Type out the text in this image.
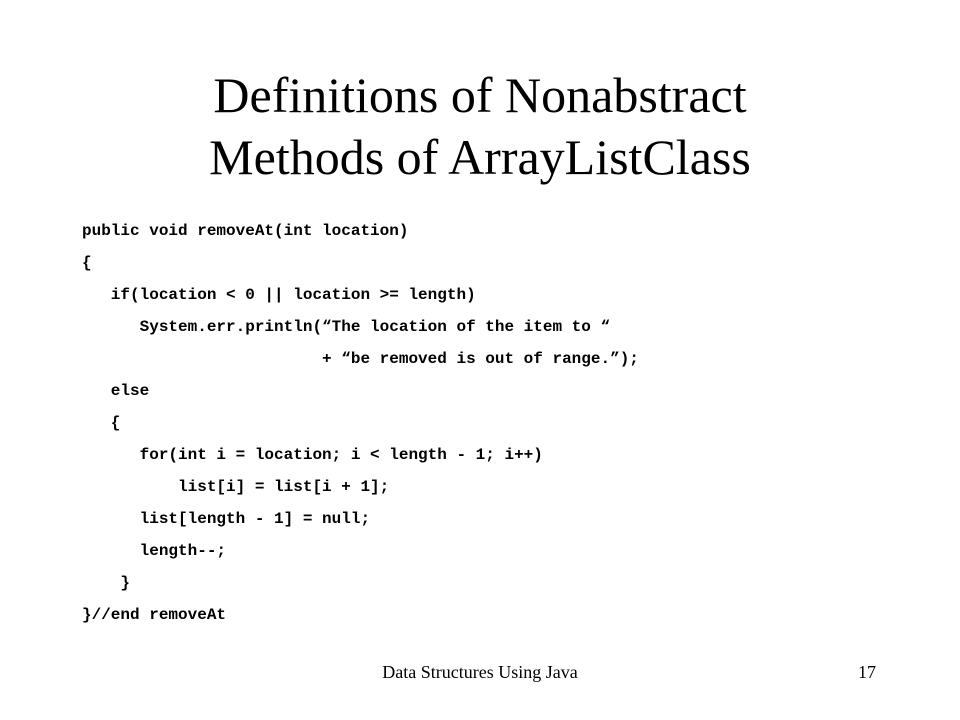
Definitions of Nonabstract
Methods of ArrayListClass
public void removeAt(int location)
{
if(location < 0 || location >= length)
System.err.println(“The location of the item to “
+ “be removed is out of range.”);
else
{
for(int i = location; i < length - 1; i++)
list[i] = list[i + 1];
list[length - 1] = null;
length--;
}
}//end removeAt
Data Structures Using Java	17
